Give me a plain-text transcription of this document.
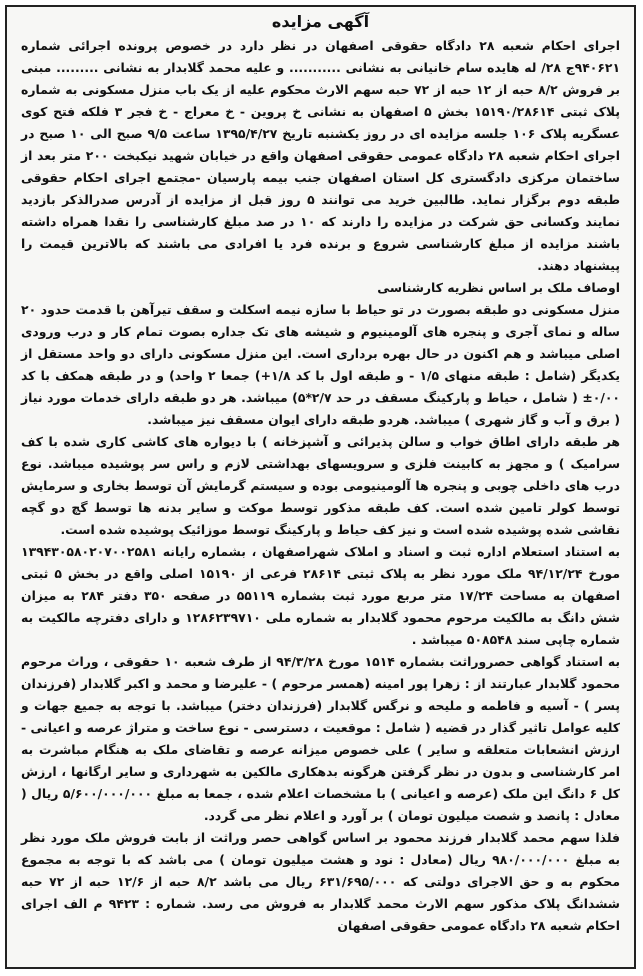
آگهی مزایده

اجرای احکام شعبه ۲۸ دادگاه حقوقی اصفهان در نظر دارد در خصوص پرونده اجرائی شماره ۹۴۰۶۲۱ج ۲۸/ له هایده سام خانیانی به نشانی ........... و علیه محمد گلابدار به نشانی ......... مبنی بر فروش ۸/۲ حبه از ۱۲ حبه از ۷۲ حبه سهم الارث محکوم علیه از یک باب منزل مسکونی به شماره پلاک ثبتی ۱۵۱۹۰/۲۸۶۱۴ بخش ۵ اصفهان به نشانی خ پروین - خ معراج - خ فجر ۳ فلکه فتح کوی عسگریه پلاک ۱۰۶ جلسه مزایده ای در روز یکشنبه تاریخ ۱۳۹۵/۴/۲۷ ساعت ۹/۵ صبح الی ۱۰ صبح در اجرای احکام شعبه ۲۸ دادگاه عمومی حقوقی اصفهان واقع در خیابان شهید نیکبخت ۲۰۰ متر بعد از ساختمان مرکزی دادگستری کل استان اصفهان جنب بیمه پارسیان -مجتمع اجرای احکام حقوقی طبقه دوم برگزار نماید. طالبین خرید می توانند ۵ روز قبل از مزایده از آدرس صدرالذکر بازدید نمایند وکسانی حق شرکت در مزایده را دارند که ۱۰ در صد مبلغ کارشناسی را نقدا همراه داشته باشند مزایده از مبلغ کارشناسی شروع و برنده فرد یا افرادی می باشند که بالاترین قیمت را پیشنهاد دهند.

اوصاف ملک بر اساس نظریه کارشناسی

منزل مسکونی دو طبقه بصورت در تو حیاط با سازه نیمه اسکلت و سقف تیرآهن با قدمت حدود ۲۰ ساله و نمای آجری و پنجره های آلومینیوم و شیشه های تک جداره بصوت تمام کار و درب ورودی اصلی میباشد و هم اکنون در حال بهره برداری است. این منزل مسکونی دارای دو واحد مستقل از یکدیگر (شامل : طبقه منهای ۱/۵ - و طبقه اول با کد ۱/۸+) جمعا ۲ واحد) و در طبقه همکف با کد ۰/۰۰± ( شامل ، حیاط و پارکینگ مسقف در حد ۲/۷*۵) میباشد. هر دو طبقه دارای خدمات مورد نیاز ( برق و آب و گاز شهری ) میباشد. هردو طبقه دارای ایوان مسقف نیز میباشد.

هر طبقه دارای اطاق خواب و سالن پذیرائی و آشپزخانه ) با دیواره های کاشی کاری شده با کف سرامیک ) و مجهز به کابینت فلزی و سرویسهای بهداشتی لازم و راس سر پوشیده میباشد. نوع درب های داخلی چوبی و پنجره ها آلومینیومی بوده و سیستم گرمایش آن توسط بخاری و سرمایش توسط کولر تامین شده است. کف طبقه مذکور توسط موکت و سایر بدنه ها توسط گچ دو گچه نقاشی شده پوشیده شده است و نیز کف حیاط و پارکینگ توسط موزائیک پوشیده شده است.

به استناد استعلام اداره ثبت و اسناد و املاک شهراصفهان ، بشماره رایانه ۱۳۹۴۳۰۵۸۰۲۰۷۰۰۲۵۸۱ مورخ ۹۴/۱۲/۲۴ ملک مورد نظر به پلاک ثبتی ۲۸۶۱۴ فرعی از ۱۵۱۹۰ اصلی واقع در بخش ۵ ثبتی اصفهان به مساحت ۱۷/۲۴ متر مربع مورد ثبت بشماره ۵۵۱۱۹ در صفحه ۳۵۰ دفتر ۲۸۴ به میزان شش دانگ به مالکیت مرحوم محمود گلابدار به شماره ملی ۱۲۸۶۲۳۹۷۱۰ و دارای دفترچه مالکیت به شماره چاپی سند ۵۰۸۵۴۸ میباشد .

به استناد گواهی حصروراثت بشماره ۱۵۱۴ مورخ ۹۴/۳/۲۸ از طرف شعبه ۱۰ حقوقی ، وراث مرحوم محمود گلابدار عبارتند از : زهرا پور امینه (همسر مرحوم ) - علیرضا و محمد و اکبر گلابدار (فرزندان پسر ) - آسیه و فاطمه و ملیحه و نرگس گلابدار (فرزندان دختر) میباشد. با توجه به جمیع جهات و کلیه عوامل تاثیر گذار در قضیه ( شامل : موقعیت ، دسترسی - نوع ساخت و متراژ عرصه و اعیانی - ارزش انشعابات متعلقه و سایر ) علی خصوص میزانه عرصه و تقاضای ملک به هنگام مباشرت به امر کارشناسی و بدون در نظر گرفتن هرگونه بدهکاری مالکین به شهرداری و سایر ارگانها ، ارزش کل ۶ دانگ این ملک (عرصه و اعیانی ) با مشخصات اعلام شده ، جمعا به مبلغ ۵/۶۰۰/۰۰۰/۰۰۰ ریال ( معادل : پانصد و شصت میلیون تومان ) بر آورد و اعلام نظر می گردد.

فلذا سهم محمد گلابدار فرزند محمود بر اساس گواهی حصر وراثت از بابت فروش ملک مورد نظر به مبلغ ۹۸۰/۰۰۰/۰۰۰ ریال (معادل : نود و هشت میلیون تومان ) می باشد که با توجه به مجموع محکوم به و حق الاجرای دولتی که ۶۳۱/۶۹۵/۰۰۰ ریال می باشد ۸/۲ حبه از ۱۲/۶ حبه از ۷۲ حبه ششدانگ پلاک مذکور سهم الارث محمد گلابدار به فروش می رسد. شماره : ۹۴۲۳ م الف اجرای احکام شعبه ۲۸ دادگاه عمومی حقوقی اصفهان
